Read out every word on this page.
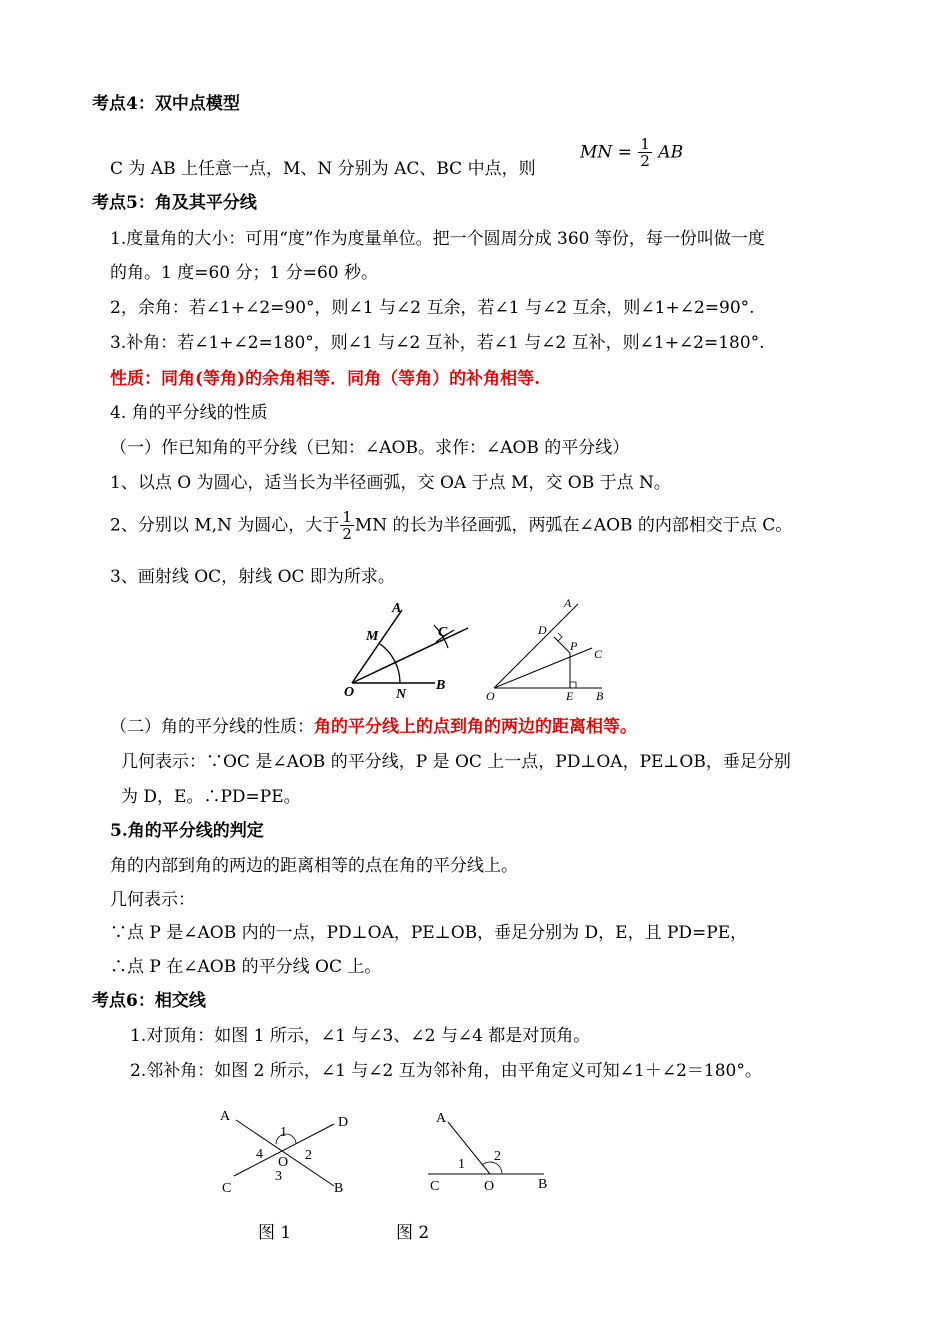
考点4：双中点模型
C 为 AB 上任意一点，M、N 分别为 AC、BC 中点，则
MN = $\frac{1}{2}$ AB
考点5：角及其平分线
1.度量角的大小：可用“度”作为度量单位。把一个圆周分成 360 等份，每一份叫做一度
的角。1 度=60 分；1 分=60 秒。
2，余角：若∠1+∠2=90°，则∠1 与∠2 互余，若∠1 与∠2 互余，则∠1+∠2=90°.
3.补角：若∠1+∠2=180°，则∠1 与∠2 互补，若∠1 与∠2 互补，则∠1+∠2=180°.
性质：同角(等角)的余角相等．同角（等角）的补角相等.
4. 角的平分线的性质
（一）作已知角的平分线（已知：∠AOB。求作：∠AOB 的平分线）
1、以点 O 为圆心，适当长为半径画弧，交 OA 于点 M，交 OB 于点 N。
2、分别以 M,N 为圆心，大于 $\frac{1}{2}$ MN 的长为半径画弧，两弧在∠AOB 的内部相交于点 C。
3、画射线 OC，射线 OC 即为所求。
A
M	C
O	N
B
A
D
P
C
O	E B
（二）角的平分线的性质：角的平分线上的点到角的两边的距离相等。
几何表示：∵OC 是∠AOB 的平分线，P 是 OC 上一点，PD⊥OA，PE⊥OB，垂足分别
为 D，E。∴PD=PE。
5.角的平分线的判定
角的内部到角的两边的距离相等的点在角的平分线上。
几何表示：
∵点 P 是∠AOB 内的一点，PD⊥OA，PE⊥OB，垂足分别为 D，E，且 PD=PE，
∴点 P 在∠AOB 的平分线 OC 上。
考点6：相交线
1.对顶角：如图 1 所示，∠1 与∠3、∠2 与∠4 都是对顶角。
2.邻补角：如图 2 所示，∠1 与∠2 互为邻补角，由平角定义可知∠1＋∠2＝180°。
A	D
C	B
O
1
2
3
4
A
C	O	B
1
2
图 1	图 2
